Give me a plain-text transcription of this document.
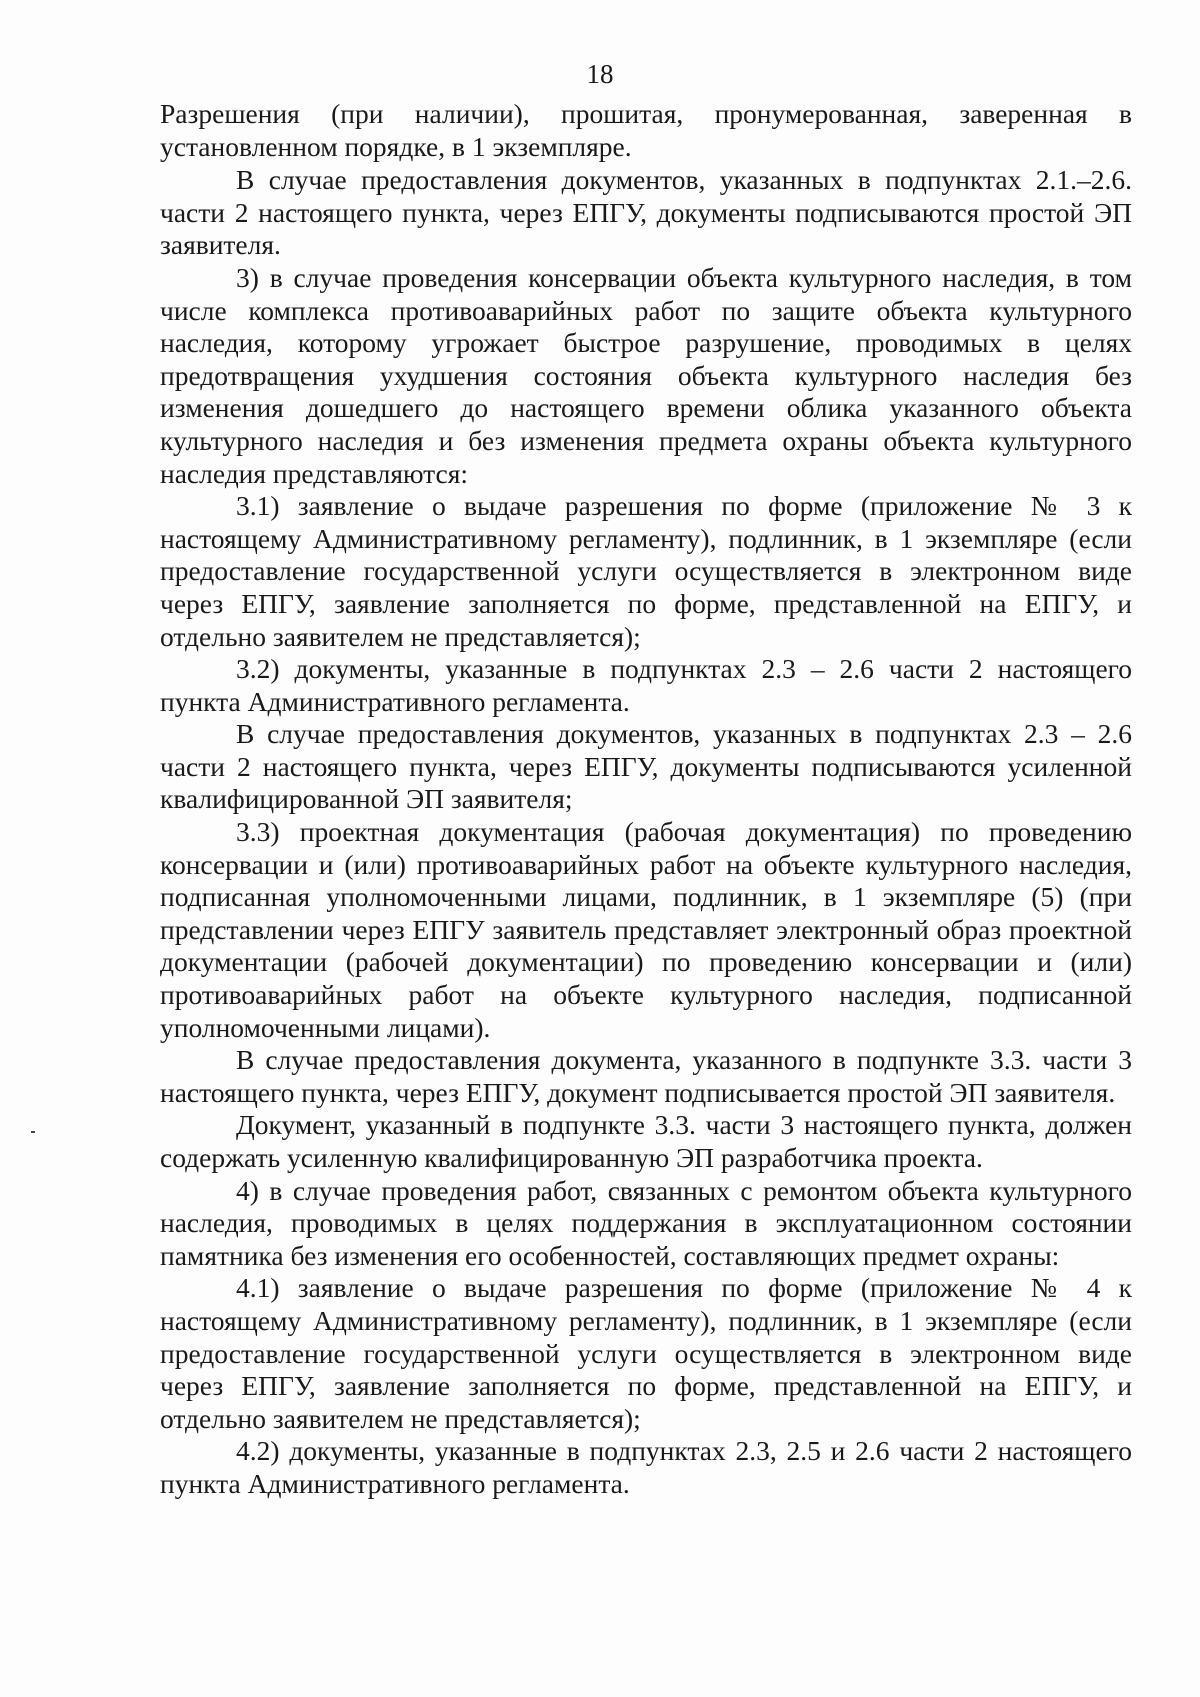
18

Разрешения (при наличии), прошитая, пронумерованная, заверенная в установленном порядке, в 1 экземпляре.

В случае предоставления документов, указанных в подпунктах 2.1.–2.6. части 2 настоящего пункта, через ЕПГУ, документы подписываются простой ЭП заявителя.

3) в случае проведения консервации объекта культурного наследия, в том числе комплекса противоаварийных работ по защите объекта культурного наследия, которому угрожает быстрое разрушение, проводимых в целях предотвращения ухудшения состояния объекта культурного наследия без изменения дошедшего до настоящего времени облика указанного объекта культурного наследия и без изменения предмета охраны объекта культурного наследия представляются:

3.1) заявление о выдаче разрешения по форме (приложение № 3 к настоящему Административному регламенту), подлинник, в 1 экземпляре (если предоставление государственной услуги осуществляется в электронном виде через ЕПГУ, заявление заполняется по форме, представленной на ЕПГУ, и отдельно заявителем не представляется);

3.2) документы, указанные в подпунктах 2.3 – 2.6 части 2 настоящего пункта Административного регламента.

В случае предоставления документов, указанных в подпунктах 2.3 – 2.6 части 2 настоящего пункта, через ЕПГУ, документы подписываются усиленной квалифицированной ЭП заявителя;

3.3) проектная документация (рабочая документация) по проведению консервации и (или) противоаварийных работ на объекте культурного наследия, подписанная уполномоченными лицами, подлинник, в 1 экземпляре (5) (при представлении через ЕПГУ заявитель представляет электронный образ проектной документации (рабочей документации) по проведению консервации и (или) противоаварийных работ на объекте культурного наследия, подписанной уполномоченными лицами).

В случае предоставления документа, указанного в подпункте 3.3. части 3 настоящего пункта, через ЕПГУ, документ подписывается простой ЭП заявителя.

Документ, указанный в подпункте 3.3. части 3 настоящего пункта, должен содержать усиленную квалифицированную ЭП разработчика проекта.

4) в случае проведения работ, связанных с ремонтом объекта культурного наследия, проводимых в целях поддержания в эксплуатационном состоянии памятника без изменения его особенностей, составляющих предмет охраны:

4.1) заявление о выдаче разрешения по форме (приложение № 4 к настоящему Административному регламенту), подлинник, в 1 экземпляре (если предоставление государственной услуги осуществляется в электронном виде через ЕПГУ, заявление заполняется по форме, представленной на ЕПГУ, и отдельно заявителем не представляется);

4.2) документы, указанные в подпунктах 2.3, 2.5 и 2.6 части 2 настоящего пункта Административного регламента.
